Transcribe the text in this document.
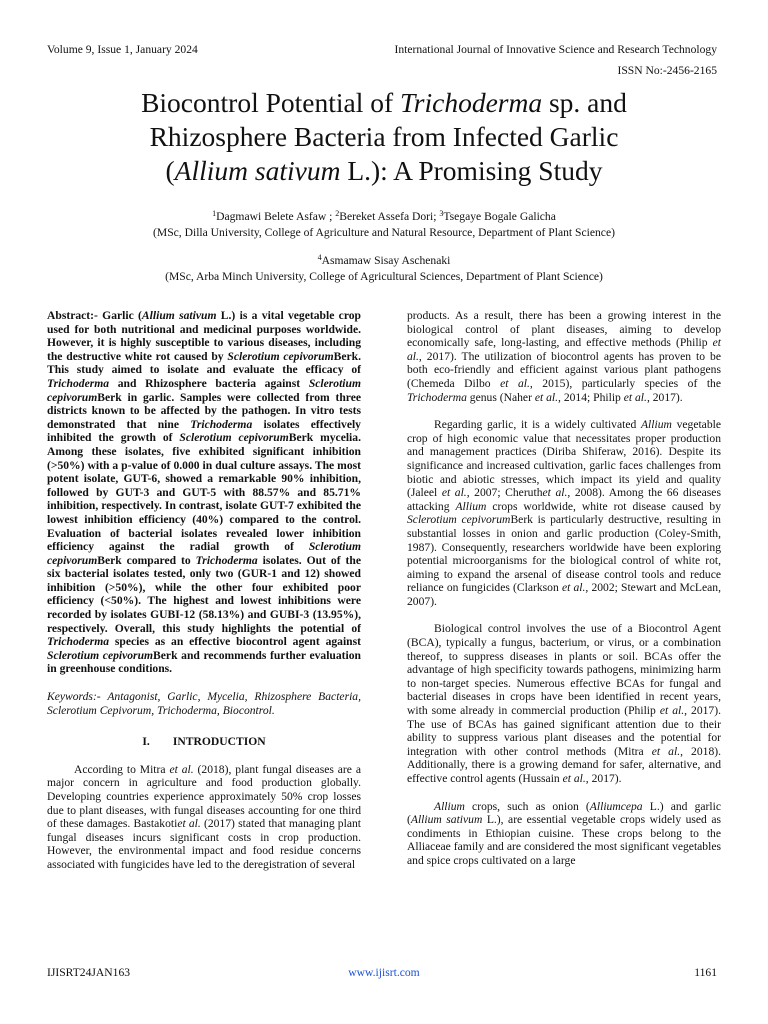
Volume 9, Issue 1, January 2024	International Journal of Innovative Science and Research Technology
ISSN No:-2456-2165
Biocontrol Potential of Trichoderma sp. and
Rhizosphere Bacteria from Infected Garlic
(Allium sativum L.): A Promising Study
$^1$Dagmawi Belete Asfaw ; $^2$Bereket Assefa Dori; $^3$Tsegaye Bogale Galicha
(MSc, Dilla University, College of Agriculture and Natural Resource, Department of Plant Science)
$^4$Asmamaw Sisay Aschenaki
(MSc, Arba Minch University, College of Agricultural Sciences, Department of Plant Science)

Abstract:- Garlic (Allium sativum L.) is a vital vegetable crop used for both nutritional and medicinal purposes worldwide. However, it is highly susceptible to various diseases, including the destructive white rot caused by Sclerotium cepivorumBerk. This study aimed to isolate and evaluate the efficacy of Trichoderma and Rhizosphere bacteria against Sclerotium cepivorumBerk in garlic. Samples were collected from three districts known to be affected by the pathogen. In vitro tests demonstrated that nine Trichoderma isolates effectively inhibited the growth of Sclerotium cepivorumBerk mycelia. Among these isolates, five exhibited significant inhibition (>50%) with a p-value of 0.000 in dual culture assays. The most potent isolate, GUT-6, showed a remarkable 90% inhibition, followed by GUT-3 and GUT-5 with 88.57% and 85.71% inhibition, respectively. In contrast, isolate GUT-7 exhibited the lowest inhibition efficiency (40%) compared to the control. Evaluation of bacterial isolates revealed lower inhibition efficiency against the radial growth of Sclerotium cepivorumBerk compared to Trichoderma isolates. Out of the six bacterial isolates tested, only two (GUR-1 and 12) showed inhibition (>50%), while the other four exhibited poor efficiency (<50%). The highest and lowest inhibitions were recorded by isolates GUBI-12 (58.13%) and GUBI-3 (13.95%), respectively. Overall, this study highlights the potential of Trichoderma species as an effective biocontrol agent against Sclerotium cepivorumBerk and recommends further evaluation in greenhouse conditions.

Keywords:- Antagonist, Garlic, Mycelia, Rhizosphere Bacteria, Sclerotium Cepivorum, Trichoderma, Biocontrol.

I. INTRODUCTION

According to Mitra et al. (2018), plant fungal diseases are a major concern in agriculture and food production globally. Developing countries experience approximately 50% crop losses due to plant diseases, with fungal diseases accounting for one third of these damages. Bastakotiet al. (2017) stated that managing plant fungal diseases incurs significant costs in crop production. However, the environmental impact and food residue concerns associated with fungicides have led to the deregistration of several

products. As a result, there has been a growing interest in the biological control of plant diseases, aiming to develop economically safe, long-lasting, and effective methods (Philip et al., 2017). The utilization of biocontrol agents has proven to be both eco-friendly and efficient against various plant pathogens (Chemeda Dilbo et al., 2015), particularly species of the Trichoderma genus (Naher et al., 2014; Philip et al., 2017).

Regarding garlic, it is a widely cultivated Allium vegetable crop of high economic value that necessitates proper production and management practices (Diriba Shiferaw, 2016). Despite its significance and increased cultivation, garlic faces challenges from biotic and abiotic stresses, which impact its yield and quality (Jaleel et al., 2007; Cheruthet al., 2008). Among the 66 diseases attacking Allium crops worldwide, white rot disease caused by Sclerotium cepivorumBerk is particularly destructive, resulting in substantial losses in onion and garlic production (Coley-Smith, 1987). Consequently, researchers worldwide have been exploring potential microorganisms for the biological control of white rot, aiming to expand the arsenal of disease control tools and reduce reliance on fungicides (Clarkson et al., 2002; Stewart and McLean, 2007).

Biological control involves the use of a Biocontrol Agent (BCA), typically a fungus, bacterium, or virus, or a combination thereof, to suppress diseases in plants or soil. BCAs offer the advantage of high specificity towards pathogens, minimizing harm to non-target species. Numerous effective BCAs for fungal and bacterial diseases in crops have been identified in recent years, with some already in commercial production (Philip et al., 2017). The use of BCAs has gained significant attention due to their ability to suppress various plant diseases and the potential for integration with other control methods (Mitra et al., 2018). Additionally, there is a growing demand for safer, alternative, and effective control agents (Hussain et al., 2017).

Allium crops, such as onion (Alliumcepa L.) and garlic (Allium sativum L.), are essential vegetable crops widely used as condiments in Ethiopian cuisine. These crops belong to the Alliaceae family and are considered the most significant vegetables and spice crops cultivated on a large

IJISRT24JAN163	www.ijisrt.com	1161
